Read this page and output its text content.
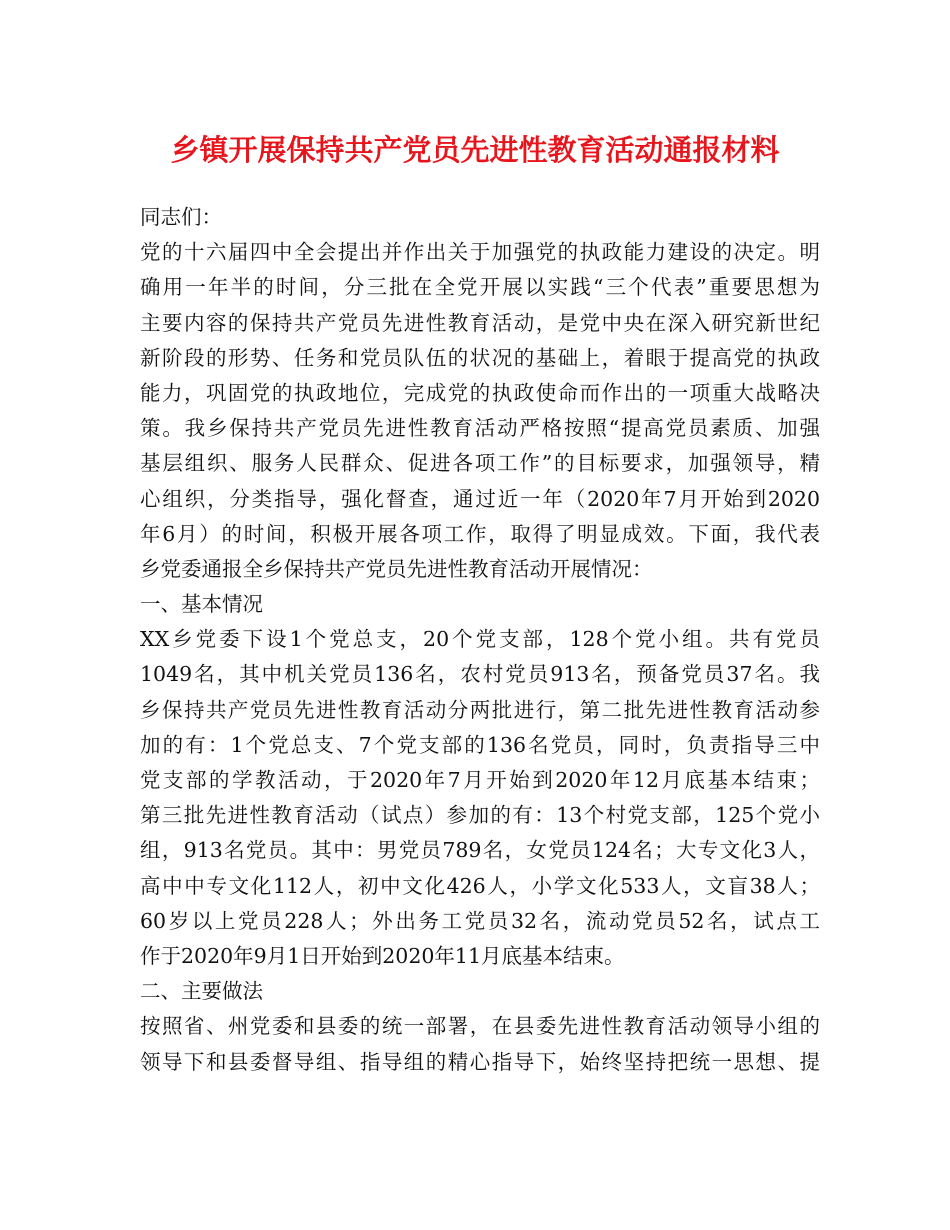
乡镇开展保持共产党员先进性教育活动通报材料
同志们：
党的十六届四中全会提出并作出关于加强党的执政能力建设的决定。明
确用一年半的时间，分三批在全党开展以实践“三个代表”重要思想为
主要内容的保持共产党员先进性教育活动，是党中央在深入研究新世纪
新阶段的形势、任务和党员队伍的状况的基础上，着眼于提高党的执政
能力，巩固党的执政地位，完成党的执政使命而作出的一项重大战略决
策。我乡保持共产党员先进性教育活动严格按照“提高党员素质、加强
基层组织、服务人民群众、促进各项工作”的目标要求，加强领导，精
心组织，分类指导，强化督查，通过近一年（2020年7月开始到2020
年6月）的时间，积极开展各项工作，取得了明显成效。下面，我代表
乡党委通报全乡保持共产党员先进性教育活动开展情况：
一、基本情况
XX乡党委下设1个党总支，20个党支部，128个党小组。共有党员
1049名，其中机关党员136名，农村党员913名，预备党员37名。我
乡保持共产党员先进性教育活动分两批进行，第二批先进性教育活动参
加的有：1个党总支、7个党支部的136名党员，同时，负责指导三中
党支部的学教活动，于2020年7月开始到2020年12月底基本结束；
第三批先进性教育活动（试点）参加的有：13个村党支部，125个党小
组，913名党员。其中：男党员789名，女党员124名；大专文化3人，
高中中专文化112人，初中文化426人，小学文化533人，文盲38人；
60岁以上党员228人；外出务工党员32名，流动党员52名，试点工
作于2020年9月1日开始到2020年11月底基本结束。
二、主要做法
按照省、州党委和县委的统一部署，在县委先进性教育活动领导小组的
领导下和县委督导组、指导组的精心指导下，始终坚持把统一思想、提
